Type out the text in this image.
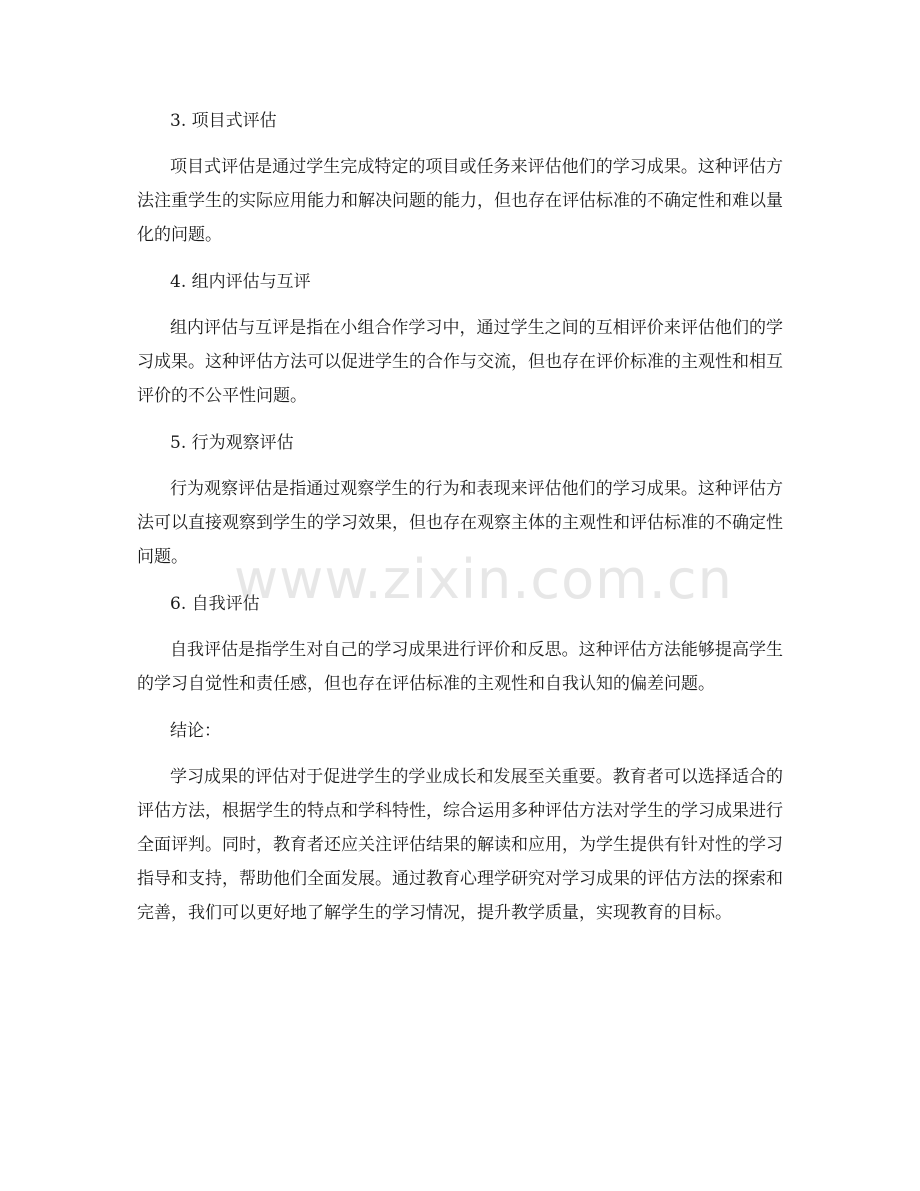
3. 项目式评估

项目式评估是通过学生完成特定的项目或任务来评估他们的学习成果。这种评估方法注重学生的实际应用能力和解决问题的能力，但也存在评估标准的不确定性和难以量化的问题。

4. 组内评估与互评

组内评估与互评是指在小组合作学习中，通过学生之间的互相评价来评估他们的学习成果。这种评估方法可以促进学生的合作与交流，但也存在评价标准的主观性和相互评价的不公平性问题。

5. 行为观察评估

行为观察评估是指通过观察学生的行为和表现来评估他们的学习成果。这种评估方法可以直接观察到学生的学习效果，但也存在观察主体的主观性和评估标准的不确定性问题。

6. 自我评估

自我评估是指学生对自己的学习成果进行评价和反思。这种评估方法能够提高学生的学习自觉性和责任感，但也存在评估标准的主观性和自我认知的偏差问题。

结论：

学习成果的评估对于促进学生的学业成长和发展至关重要。教育者可以选择适合的评估方法，根据学生的特点和学科特性，综合运用多种评估方法对学生的学习成果进行全面评判。同时，教育者还应关注评估结果的解读和应用，为学生提供有针对性的学习指导和支持，帮助他们全面发展。通过教育心理学研究对学习成果的评估方法的探索和完善，我们可以更好地了解学生的学习情况，提升教学质量，实现教育的目标。

www.zixin.com.cn
